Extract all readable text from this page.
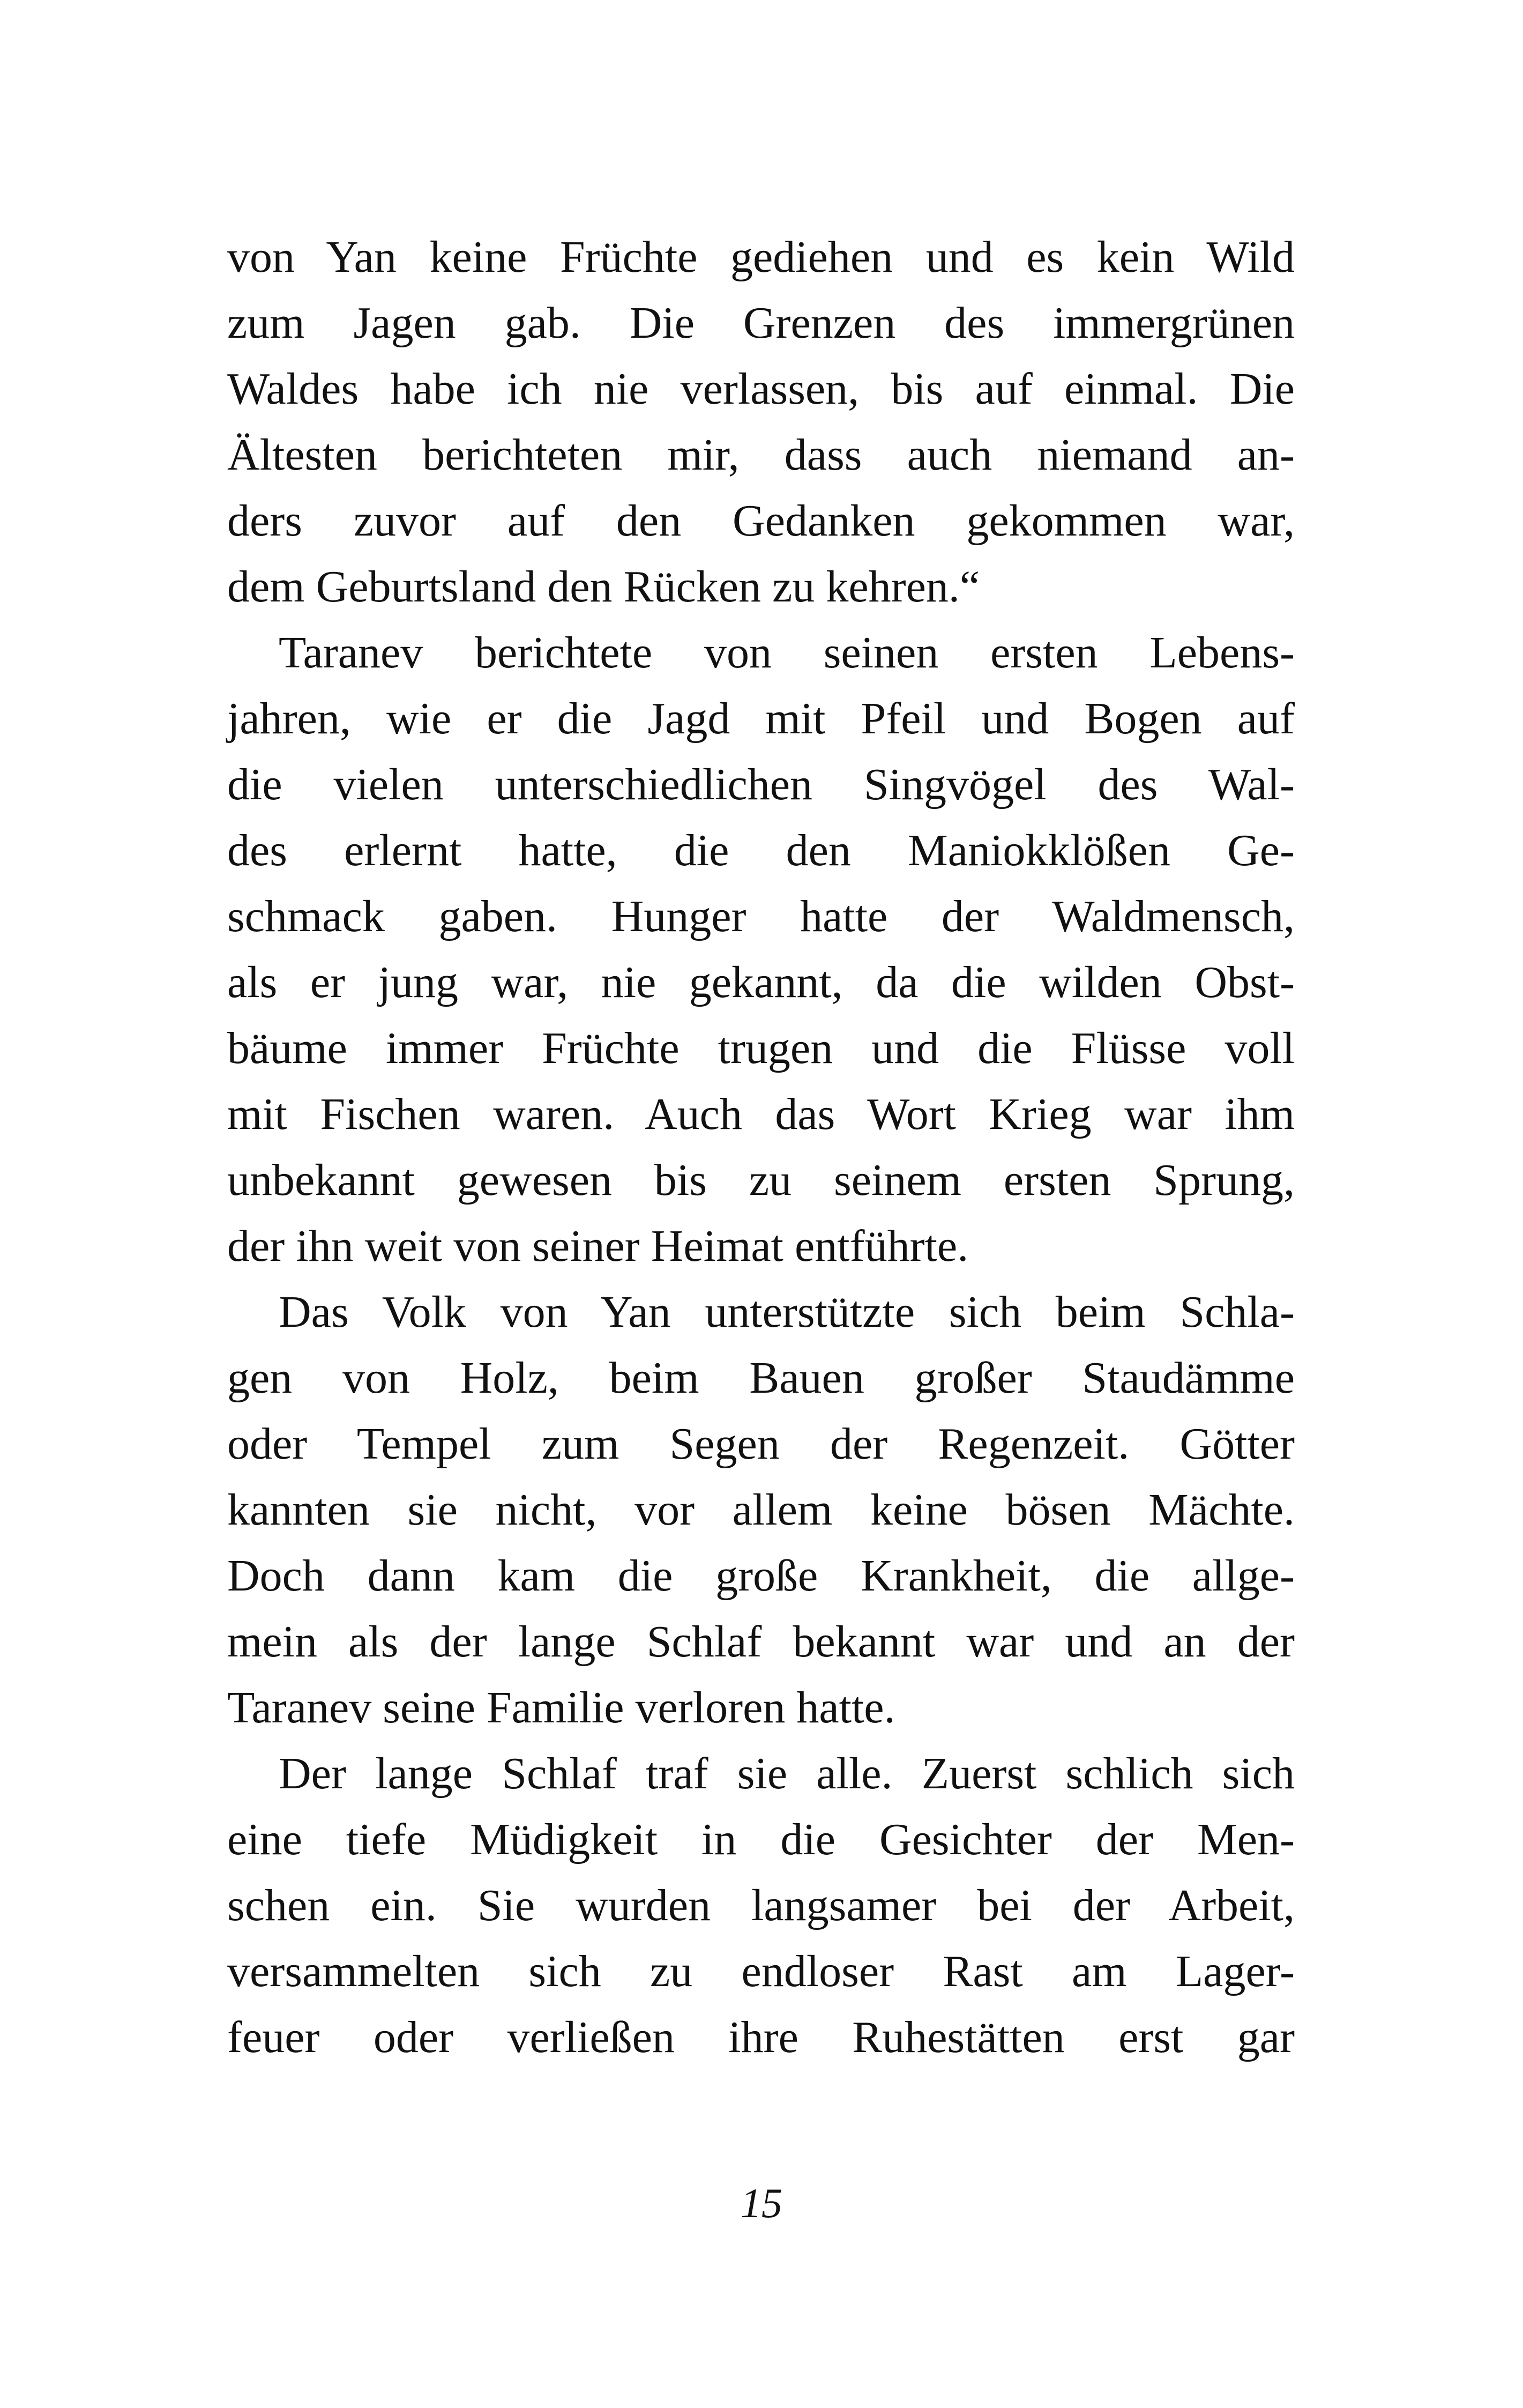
von Yan keine Früchte gediehen und es kein Wild
zum Jagen gab. Die Grenzen des immergrünen
Waldes habe ich nie verlassen, bis auf einmal. Die
Ältesten berichteten mir, dass auch niemand an-
ders zuvor auf den Gedanken gekommen war,
dem Geburtsland den Rücken zu kehren.“
Taranev berichtete von seinen ersten Lebens-
jahren, wie er die Jagd mit Pfeil und Bogen auf
die vielen unterschiedlichen Singvögel des Wal-
des erlernt hatte, die den Maniokklößen Ge-
schmack gaben. Hunger hatte der Waldmensch,
als er jung war, nie gekannt, da die wilden Obst-
bäume immer Früchte trugen und die Flüsse voll
mit Fischen waren. Auch das Wort Krieg war ihm
unbekannt gewesen bis zu seinem ersten Sprung,
der ihn weit von seiner Heimat entführte.
Das Volk von Yan unterstützte sich beim Schla-
gen von Holz, beim Bauen großer Staudämme
oder Tempel zum Segen der Regenzeit. Götter
kannten sie nicht, vor allem keine bösen Mächte.
Doch dann kam die große Krankheit, die allge-
mein als der lange Schlaf bekannt war und an der
Taranev seine Familie verloren hatte.
Der lange Schlaf traf sie alle. Zuerst schlich sich
eine tiefe Müdigkeit in die Gesichter der Men-
schen ein. Sie wurden langsamer bei der Arbeit,
versammelten sich zu endloser Rast am Lager-
feuer oder verließen ihre Ruhestätten erst gar
15
